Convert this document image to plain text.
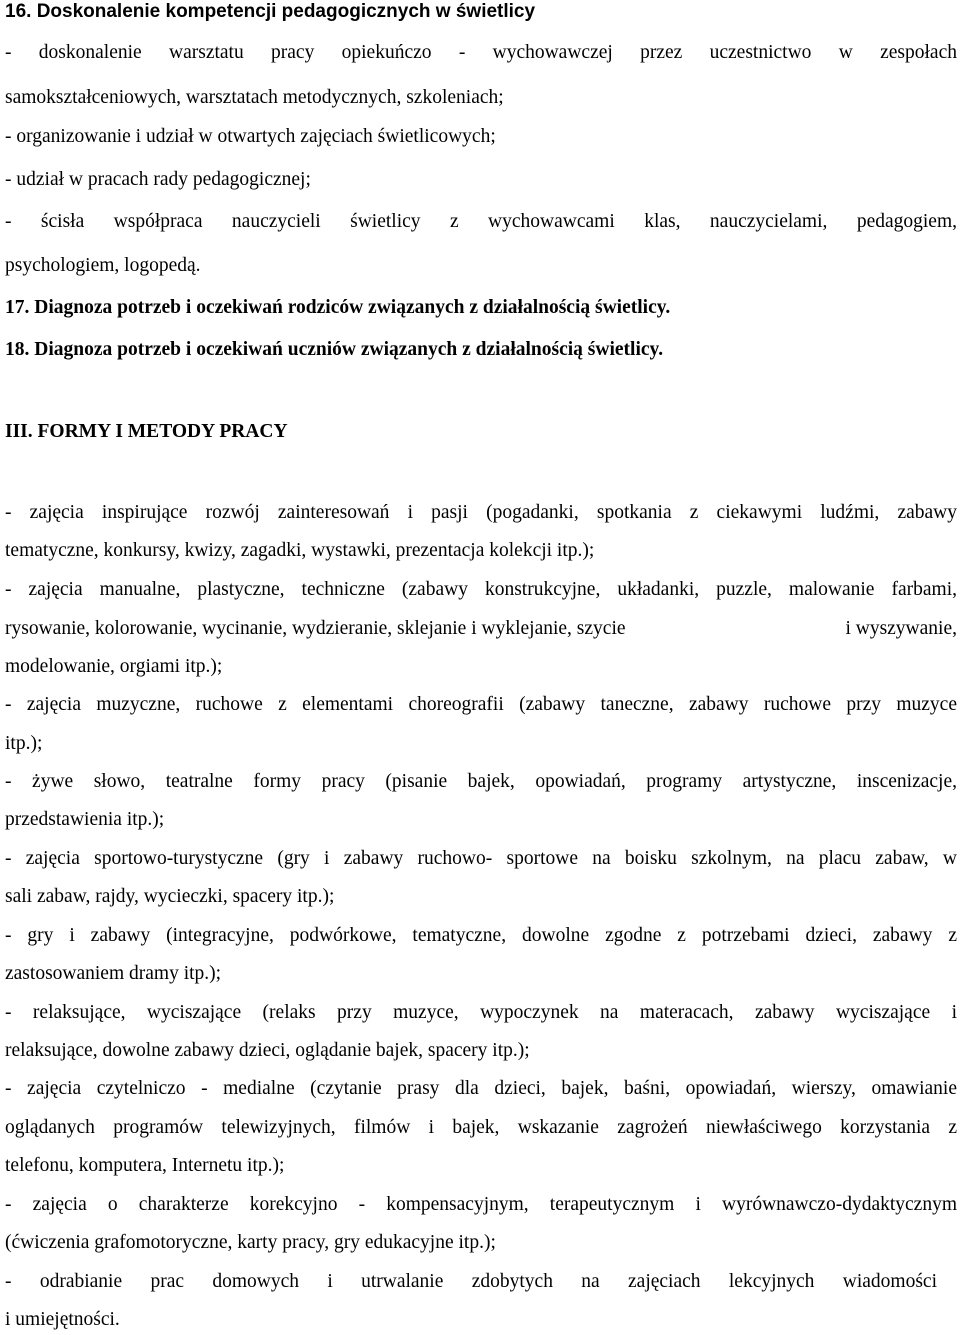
16. Doskonalenie kompetencji pedagogicznych w świetlicy
- doskonalenie warsztatu pracy opiekuńczo - wychowawczej przez uczestnictwo w zespołach
samokształceniowych, warsztatach metodycznych, szkoleniach;
- organizowanie i udział w otwartych zajęciach świetlicowych;
- udział w pracach rady pedagogicznej;
- ścisła współpraca nauczycieli świetlicy z wychowawcami klas, nauczycielami, pedagogiem,
psychologiem, logopedą.
17. Diagnoza potrzeb i oczekiwań rodziców związanych z działalnością świetlicy.
18. Diagnoza potrzeb i oczekiwań uczniów związanych z działalnością świetlicy.
III. FORMY I METODY PRACY
- zajęcia inspirujące rozwój zainteresowań i pasji (pogadanki, spotkania z ciekawymi ludźmi, zabawy
tematyczne, konkursy, kwizy, zagadki, wystawki, prezentacja kolekcji itp.);
- zajęcia manualne, plastyczne, techniczne (zabawy konstrukcyjne, układanki, puzzle, malowanie farbami,
rysowanie, kolorowanie, wycinanie, wydzieranie, sklejanie i wyklejanie, szycie	i wyszywanie,
modelowanie, orgiami itp.);
- zajęcia muzyczne, ruchowe z elementami choreografii (zabawy taneczne, zabawy ruchowe przy muzyce
itp.);
- żywe słowo, teatralne formy pracy (pisanie bajek, opowiadań, programy artystyczne, inscenizacje,
przedstawienia itp.);
- zajęcia sportowo-turystyczne (gry i zabawy ruchowo- sportowe na boisku szkolnym, na placu zabaw, w
sali zabaw, rajdy, wycieczki, spacery itp.);
- gry i zabawy (integracyjne, podwórkowe, tematyczne, dowolne zgodne z potrzebami dzieci, zabawy z
zastosowaniem dramy itp.);
- relaksujące, wyciszające (relaks przy muzyce, wypoczynek na materacach, zabawy wyciszające i
relaksujące, dowolne zabawy dzieci, oglądanie bajek, spacery itp.);
- zajęcia czytelniczo - medialne (czytanie prasy dla dzieci, bajek, baśni, opowiadań, wierszy, omawianie
oglądanych programów telewizyjnych, filmów i bajek, wskazanie zagrożeń niewłaściwego korzystania z
telefonu, komputera, Internetu itp.);
- zajęcia o charakterze korekcyjno - kompensacyjnym, terapeutycznym i wyrównawczo-dydaktycznym
(ćwiczenia grafomotoryczne, karty pracy, gry edukacyjne itp.);
- odrabianie prac domowych i utrwalanie zdobytych na zajęciach lekcyjnych wiadomości
i umiejętności.
